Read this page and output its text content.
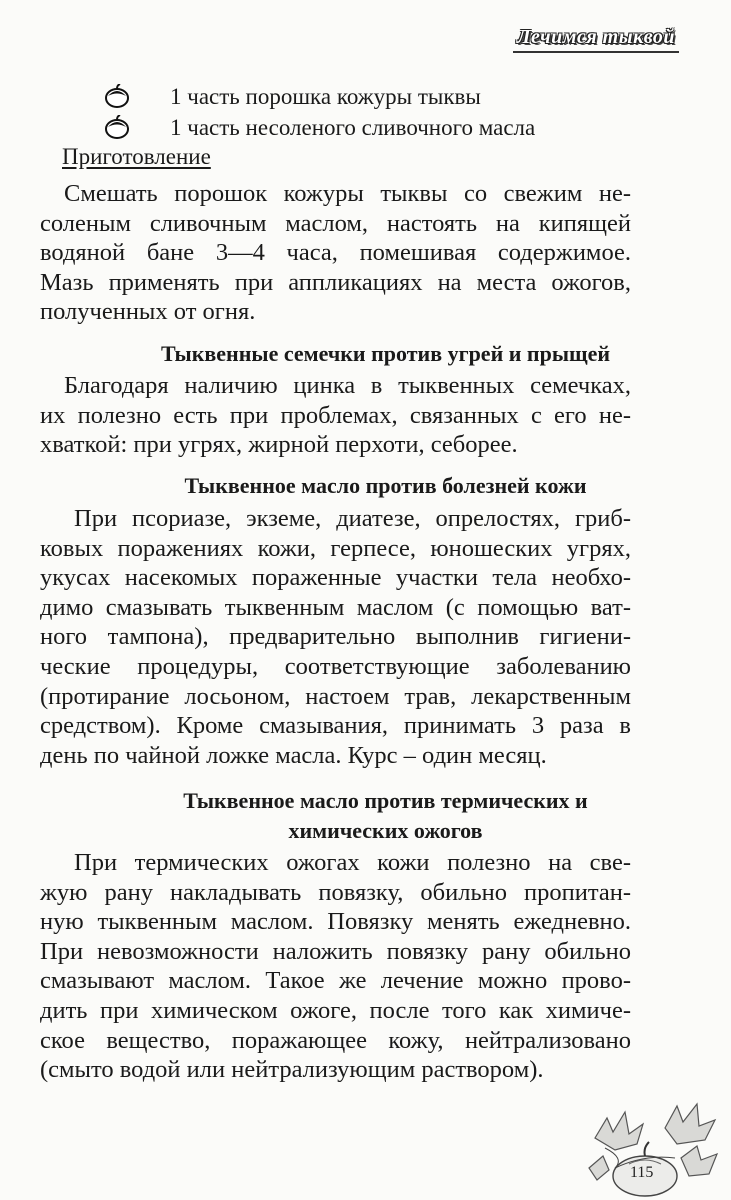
Лечимся тыквой
1 часть порошка кожуры тыквы
1 часть несоленого сливочного масла
Приготовление

Смешать порошок кожуры тыквы со свежим не-

соленым сливочным маслом, настоять на кипящей

водяной бане 3—4 часа, помешивая содержимое.

Мазь применять при аппликациях на места ожогов,

полученных от огня.

Тыквенные семечки против угрей и прыщей

Благодаря наличию цинка в тыквенных семечках,

их полезно есть при проблемах, связанных с его не-

хваткой: при угрях, жирной перхоти, себорее.

Тыквенное масло против болезней кожи

При псориазе, экземе, диатезе, опрелостях, гриб-

ковых поражениях кожи, герпесе, юношеских угрях,

укусах насекомых пораженные участки тела необхо-

димо смазывать тыквенным маслом (с помощью ват-

ного тампона), предварительно выполнив гигиени-

ческие процедуры, соответствующие заболеванию

(протирание лосьоном, настоем трав, лекарственным

средством). Кроме смазывания, принимать 3 раза в

день по чайной ложке масла. Курс – один месяц.

Тыквенное масло против термических и
химических ожогов

При термических ожогах кожи полезно на све-

жую рану накладывать повязку, обильно пропитан-

ную тыквенным маслом. Повязку менять ежедневно.

При невозможности наложить повязку рану обильно

смазывают маслом. Такое же лечение можно прово-

дить при химическом ожоге, после того как химиче-

ское вещество, поражающее кожу, нейтрализовано

(смыто водой или нейтрализующим раствором).

115
